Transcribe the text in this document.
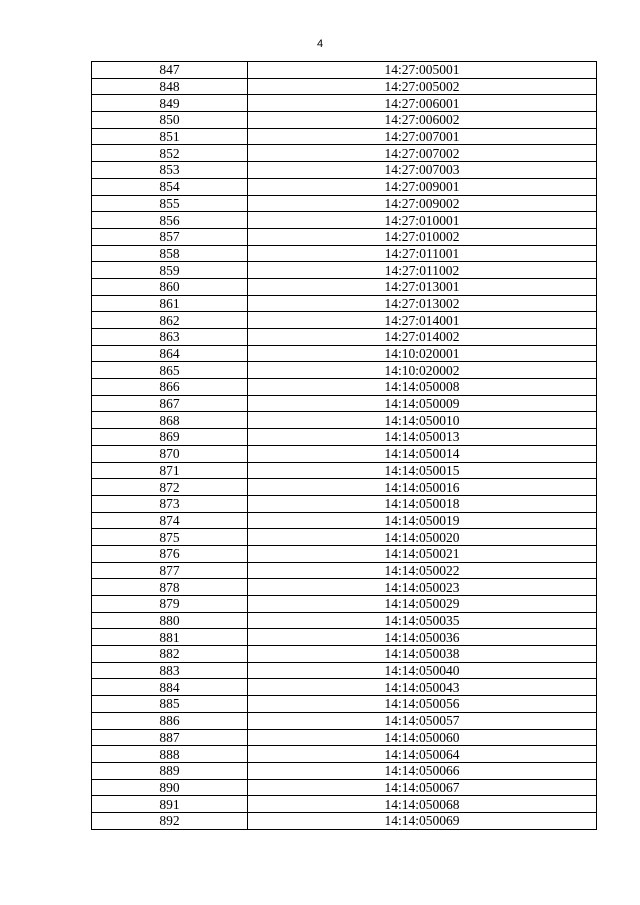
4
847	14:27:005001
848	14:27:005002
849	14:27:006001
850	14:27:006002
851	14:27:007001
852	14:27:007002
853	14:27:007003
854	14:27:009001
855	14:27:009002
856	14:27:010001
857	14:27:010002
858	14:27:011001
859	14:27:011002
860	14:27:013001
861	14:27:013002
862	14:27:014001
863	14:27:014002
864	14:10:020001
865	14:10:020002
866	14:14:050008
867	14:14:050009
868	14:14:050010
869	14:14:050013
870	14:14:050014
871	14:14:050015
872	14:14:050016
873	14:14:050018
874	14:14:050019
875	14:14:050020
876	14:14:050021
877	14:14:050022
878	14:14:050023
879	14:14:050029
880	14:14:050035
881	14:14:050036
882	14:14:050038
883	14:14:050040
884	14:14:050043
885	14:14:050056
886	14:14:050057
887	14:14:050060
888	14:14:050064
889	14:14:050066
890	14:14:050067
891	14:14:050068
892	14:14:050069
